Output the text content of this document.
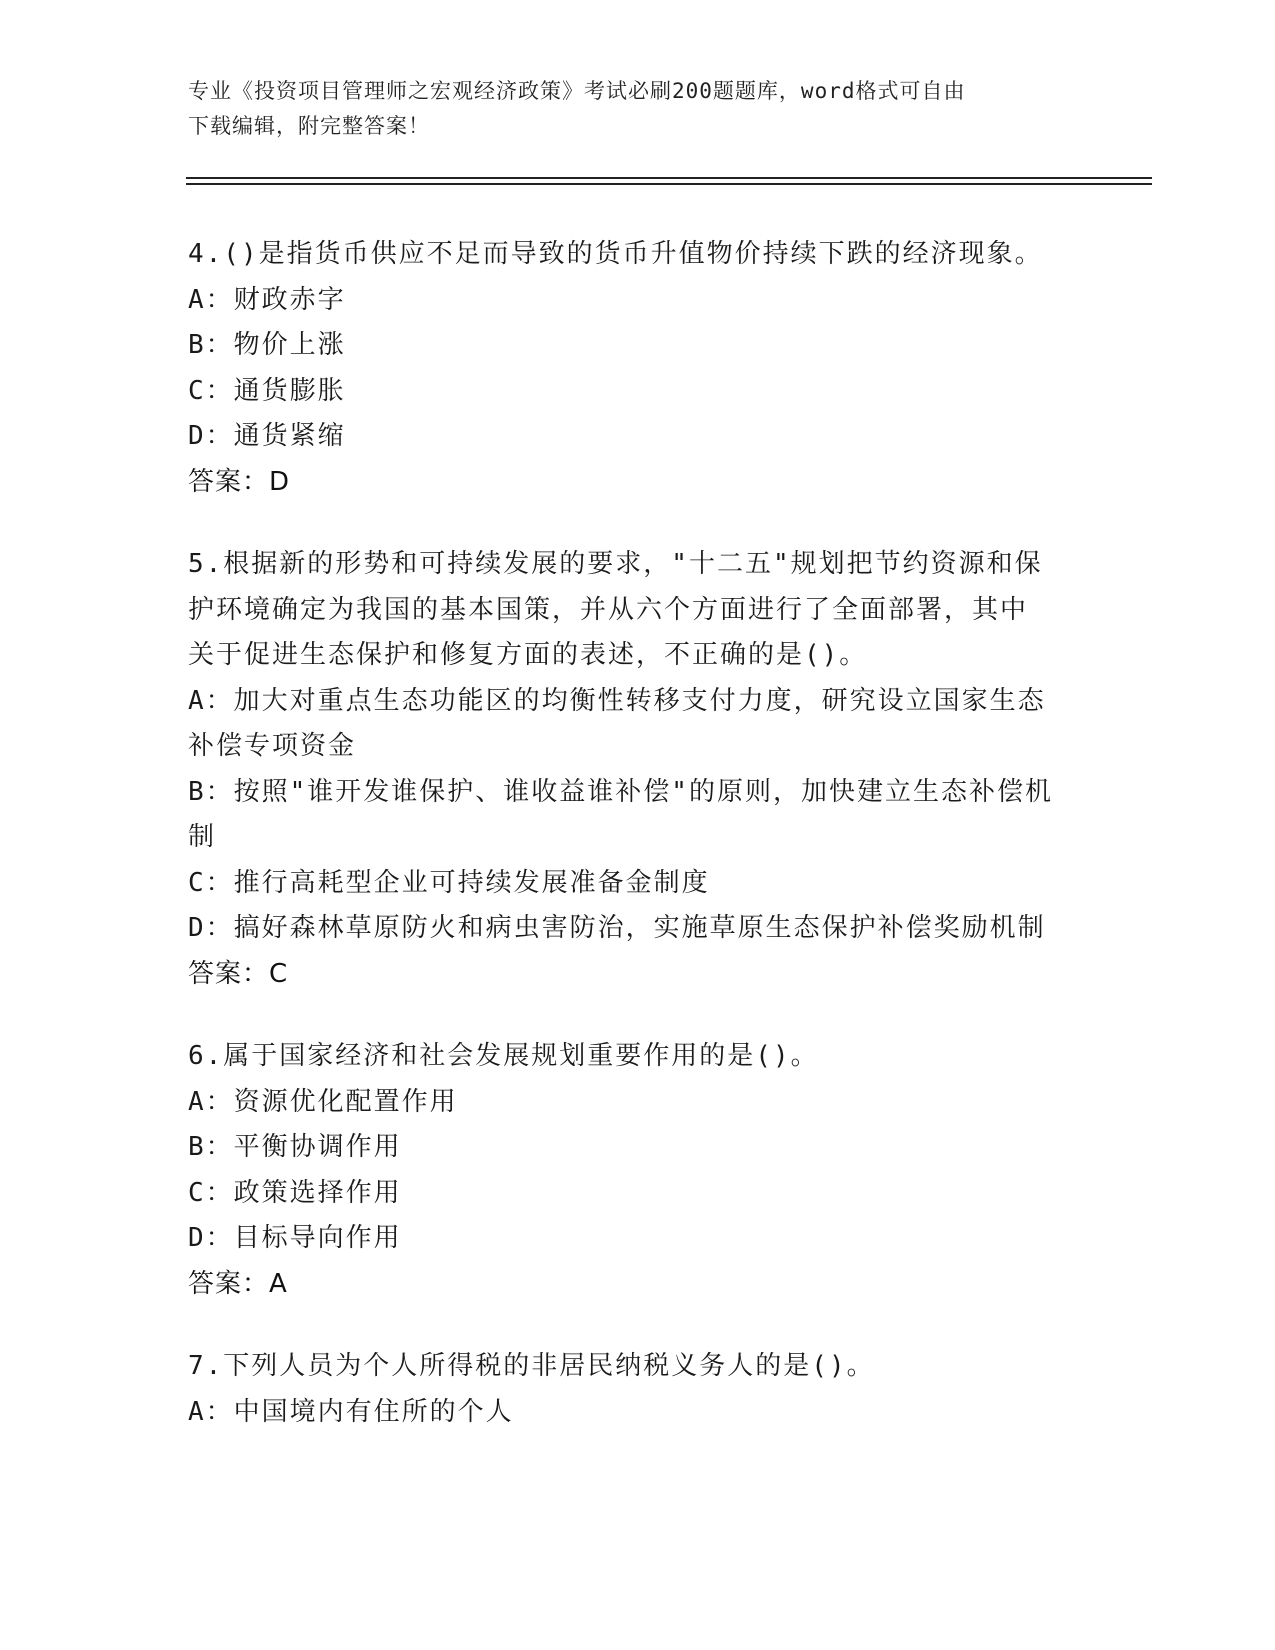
专业《投资项目管理师之宏观经济政策》考试必刷200题题库，word格式可自由
下载编辑，附完整答案！
4.()是指货币供应不足而导致的货币升值物价持续下跌的经济现象。
A：财政赤字
B：物价上涨
C：通货膨胀
D：通货紧缩
答案：D
5.根据新的形势和可持续发展的要求，"十二五"规划把节约资源和保
护环境确定为我国的基本国策，并从六个方面进行了全面部署，其中
关于促进生态保护和修复方面的表述，不正确的是()。
A：加大对重点生态功能区的均衡性转移支付力度，研究设立国家生态
补偿专项资金
B：按照"谁开发谁保护、谁收益谁补偿"的原则，加快建立生态补偿机
制
C：推行高耗型企业可持续发展准备金制度
D：搞好森林草原防火和病虫害防治，实施草原生态保护补偿奖励机制
答案：C
6.属于国家经济和社会发展规划重要作用的是()。
A：资源优化配置作用
B：平衡协调作用
C：政策选择作用
D：目标导向作用
答案：A
7.下列人员为个人所得税的非居民纳税义务人的是()。
A：中国境内有住所的个人
